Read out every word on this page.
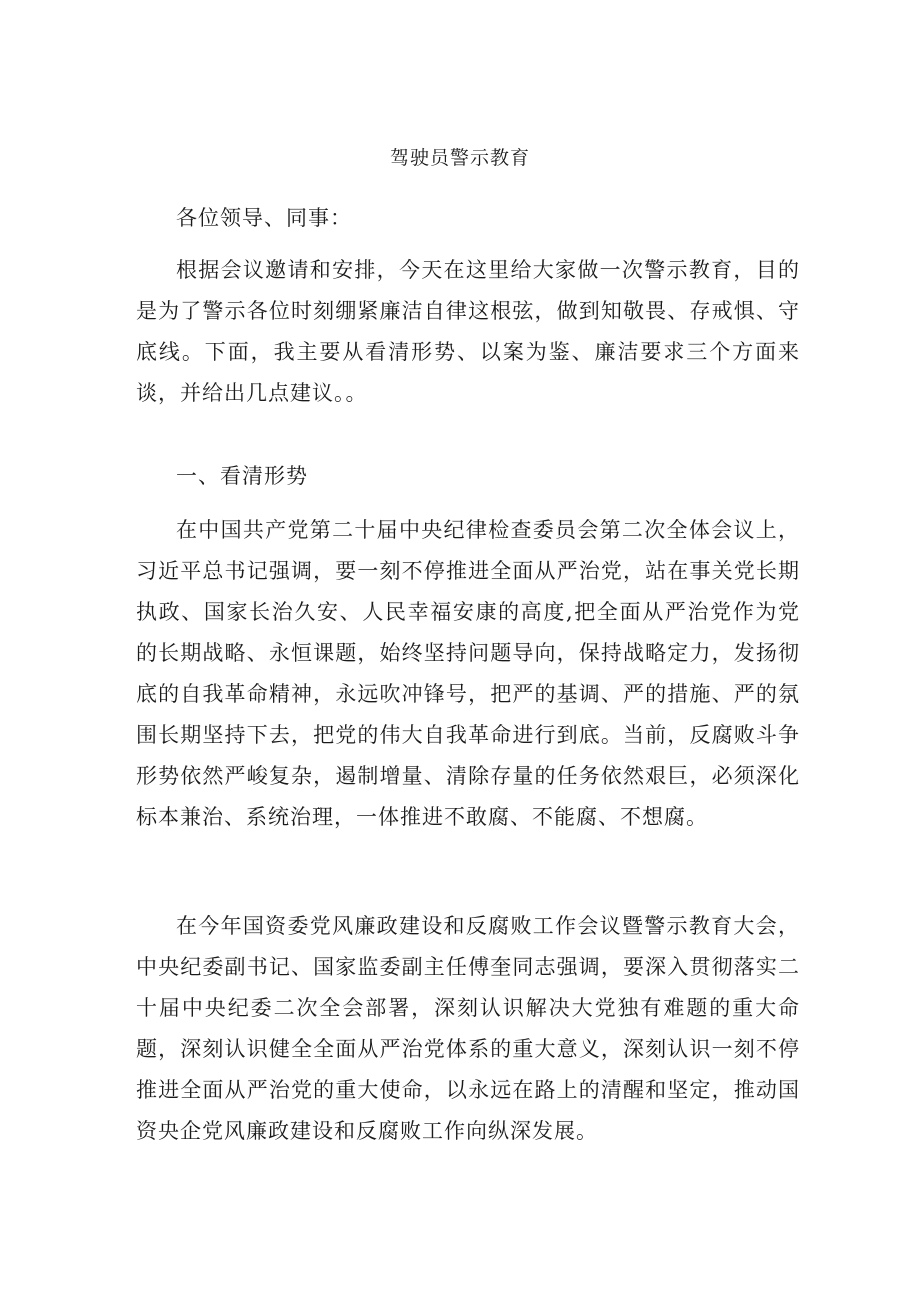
驾驶员警示教育
各位领导、同事：

根据会议邀请和安排，今天在这里给大家做一次警示教育，目的是为了警示各位时刻绷紧廉洁自律这根弦，做到知敬畏、存戒惧、守底线。下面，我主要从看清形势、以案为鉴、廉洁要求三个方面来谈，并给出几点建议。。

一、看清形势

在中国共产党第二十届中央纪律检查委员会第二次全体会议上，习近平总书记强调，要一刻不停推进全面从严治党，站在事关党长期执政、国家长治久安、人民幸福安康的高度,把全面从严治党作为党的长期战略、永恒课题，始终坚持问题导向，保持战略定力，发扬彻底的自我革命精神，永远吹冲锋号，把严的基调、严的措施、严的氛围长期坚持下去，把党的伟大自我革命进行到底。当前，反腐败斗争形势依然严峻复杂，遏制增量、清除存量的任务依然艰巨，必须深化标本兼治、系统治理，一体推进不敢腐、不能腐、不想腐。

在今年国资委党风廉政建设和反腐败工作会议暨警示教育大会，中央纪委副书记、国家监委副主任傅奎同志强调，要深入贯彻落实二十届中央纪委二次全会部署，深刻认识解决大党独有难题的重大命题，深刻认识健全全面从严治党体系的重大意义，深刻认识一刻不停推进全面从严治党的重大使命，以永远在路上的清醒和坚定，推动国资央企党风廉政建设和反腐败工作向纵深发展。
